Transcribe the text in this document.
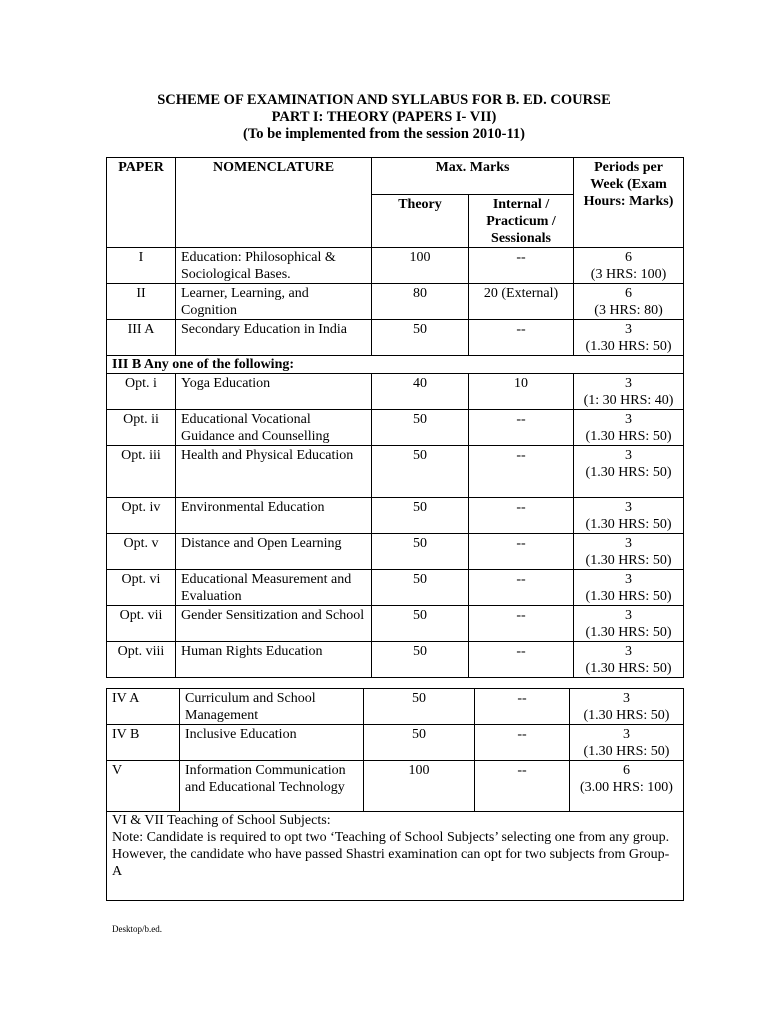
SCHEME OF EXAMINATION AND SYLLABUS FOR B. ED. COURSE
PART I: THEORY (PAPERS I- VII)
(To be implemented from the session 2010-11)
PAPER	NOMENCLATURE	Max. Marks		Periods per Week (Exam Hours: Marks)
		Theory	Internal / Practicum / Sessionals	
I	Education: Philosophical & Sociological Bases.	100	--	6
(3 HRS: 100)

II	Learner, Learning, and Cognition	80	20 (External)	6
(3 HRS: 80)

III A	Secondary Education in India	50	--	3
(1.30 HRS: 50)

III B Any one of the following:				
Opt. i	Yoga Education	40	10	3
(1: 30 HRS: 40)

Opt. ii	Educational Vocational Guidance and Counselling	50	--	3
(1.30 HRS: 50)

Opt. iii	Health and Physical Education	50	--	3
(1.30 HRS: 50)

Opt. iv	Environmental Education	50	--	3
(1.30 HRS: 50)

Opt. v	Distance and Open Learning	50	--	3
(1.30 HRS: 50)

Opt. vi	Educational Measurement and Evaluation	50	--	3
(1.30 HRS: 50)

Opt. vii	Gender Sensitization and School	50	--	3
(1.30 HRS: 50)

Opt. viii	Human Rights Education	50	--	3
(1.30 HRS: 50)
IV A	Curriculum and School Management	50	--	3
(1.30 HRS: 50)

IV B	Inclusive Education	50	--	3
(1.30 HRS: 50)

V	Information Communication and Educational Technology	100	--	6
(3.00 HRS: 100)

VI & VII Teaching of School Subjects:
Note: Candidate is required to opt two ‘Teaching of School Subjects’ selecting one from any group. However, the candidate who have passed Shastri examination can opt for two subjects from Group-A				
Desktop/b.ed.
